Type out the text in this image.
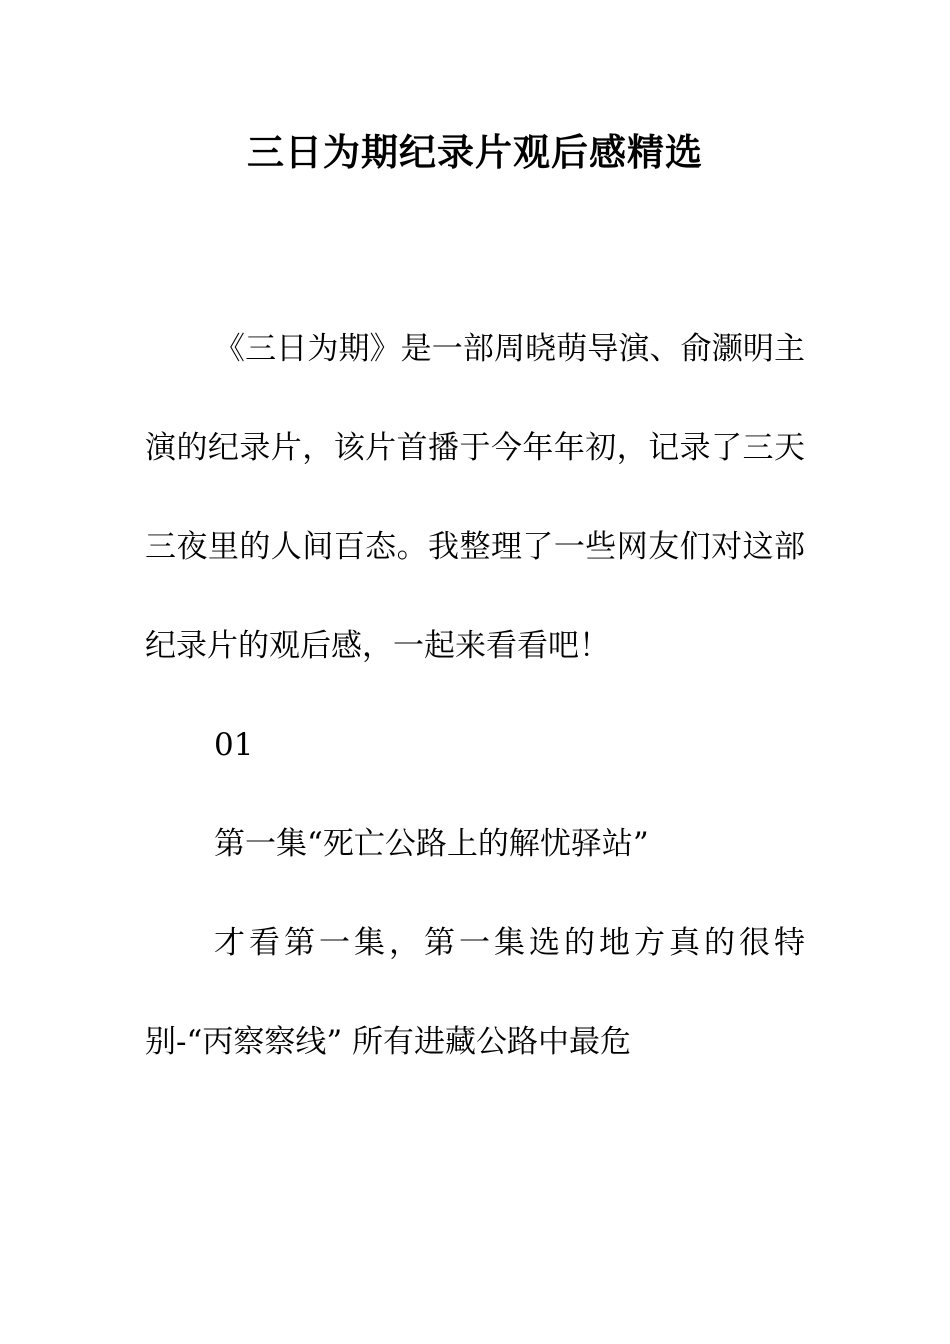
三日为期纪录片观后感精选

《三日为期》是一部周晓萌导演、俞灏明主演的纪录片，该片首播于今年年初，记录了三天三夜里的人间百态。我整理了一些网友们对这部纪录片的观后感，一起来看看吧！

01

第一集“死亡公路上的解忧驿站”

才看第一集，第一集选的地方真的很特别-“丙察察线” 所有进藏公路中最危
